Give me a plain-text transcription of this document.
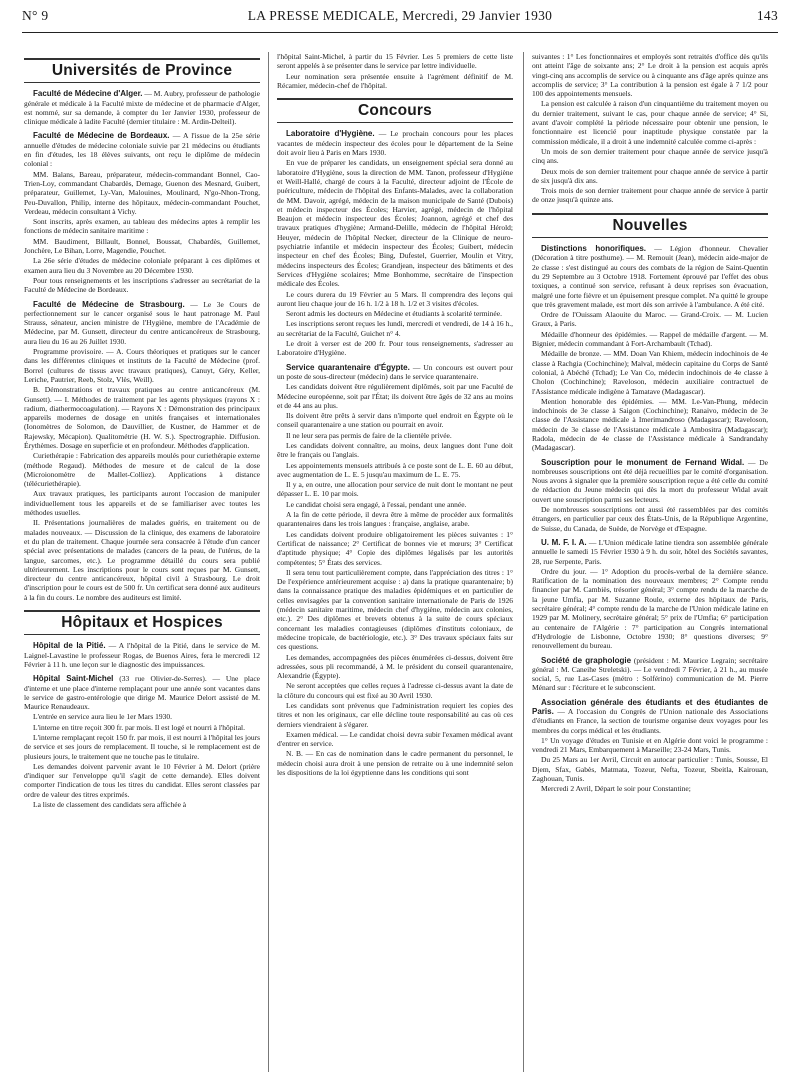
N° 9	LA PRESSE MEDICALE, Mercredi, 29 Janvier 1930	143
Universités de Province

Faculté de Médecine d'Alger. — M. Aubry, professeur de pathologie générale et médicale à la Faculté mixte de médecine et de pharmacie d'Alger, est nommé, sur sa demande, à compter du 1er Janvier 1930, professeur de clinique médicale à ladite Faculté (dernier titulaire : M. Ardin-Delteil).

Faculté de Médecine de Bordeaux. — A l'issue de la 25e série annuelle d'études de médecine coloniale suivie par 21 médecins ou étudiants en fin d'études, les 18 élèves suivants, ont reçu le diplôme de médecin colonial :

MM. Balans, Bareau, préparateur, médecin-commandant Bonnel, Cao-Trien-Loy, commandant Chabardès, Demage, Guenon des Mesnard, Guibert, préparateur, Guillemet, Ly-Van, Malouines, Moulinard, N'go-Nhon-Trong, Peu-Duvallon, Philip, interne des hôpitaux, médecin-commandant Pouchet, Verdeau, médecin consultant à Vichy.

Sont inscrits, après examen, au tableau des médecins aptes à remplir les fonctions de médecin sanitaire maritime :

MM. Baudiment, Billault, Bonnel, Boussat, Chabardès, Guillemet, Jonchère, Le Bihan, Lorre, Magendie, Pouchet.

La 26e série d'études de médecine coloniale préparant à ces diplômes et examen aura lieu du 3 Novembre au 20 Décembre 1930.

Pour tous renseignements et les inscriptions s'adresser au secrétariat de la Faculté de Médecine de Bordeaux.

Faculté de Médecine de Strasbourg. — Le 3e Cours de perfectionnement sur le cancer organisé sous le haut patronage M. Paul Strauss, sénateur, ancien ministre de l'Hygiène, membre de l'Académie de Médecine, par M. Gunsett, directeur du centre anticancéreux de Strasbourg, aura lieu du 16 au 26 Juillet 1930.

Programme provisoire. — A. Cours théoriques et pratiques sur le cancer dans les différentes cliniques et instituts de la Faculté de Médecine (prof. Borrel (cultures de tissus avec travaux pratiques), Canuyt, Géry, Keller, Leriche, Pautrier, Reeb, Stolz, Vlès, Weill).

B. Démonstrations et travaux pratiques au centre anticancéreux (M. Gunsett). — I. Méthodes de traitement par les agents physiques (rayons X : radium, diathermocoagulation). — Rayons X : Démonstration des principaux appareils modernes de dosage en unités françaises et internationales (Ionomètres de Solomon, de Dauvillier, de Kustner, de Hammer et de Rajewsky, Mécapion). Qualitométrie (H. W. S.). Spectrographie. Diffusion. Érythèmes. Dosage en superficie et en profondeur. Méthodes d'application.

Curiethérapie : Fabrication des appareils moulés pour curiethérapie externe (méthode Regaud). Méthodes de mesure et de calcul de la dose (Microionomètre de Mallet-Colliez). Applications à distance (télécuriethérapie).

Aux travaux pratiques, les participants auront l'occasion de manipuler individuellement tous les appareils et de se familiariser avec toutes les méthodes usuelles.

II. Présentations journalières de malades guéris, en traitement ou de malades nouveaux. — Discussion de la clinique, des examens de laboratoire et du plan de traitement. Chaque journée sera consacrée à l'étude d'un cancer spécial avec présentations de malades (cancers de la peau, de l'utérus, de la langue, sarcomes, etc.). Le programme détaillé du cours sera publié ultérieurement. Les inscriptions pour le cours sont reçues par M. Gunsett, directeur du centre anticancéreux, hôpital civil à Strasbourg. Le droit d'inscription pour le cours est de 500 fr. Un certificat sera donné aux auditeurs à la fin du cours. Le nombre des auditeurs est limité.

Hôpitaux et Hospices

Hôpital de la Pitié. — A l'hôpital de la Pitié, dans le service de M. Laignel-Lavastine le professeur Rogas, de Buenos Aires, fera le mercredi 12 Février à 11 h. une leçon sur le diagnostic des impuissances.

Hôpital Saint-Michel (33 rue Olivier-de-Serres). — Une place d'interne et une place d'interne remplaçant pour une année sont vacantes dans le service de gastro-entérologie que dirige M. Maurice Delort assisté de M. Maurice Renaudeaux.

L'entrée en service aura lieu le 1er Mars 1930.

L'interne en titre reçoit 300 fr. par mois. Il est logé et nourri à l'hôpital.

L'interne remplaçant reçoit 150 fr. par mois, il est nourri à l'hôpital les jours de service et ses jours de remplacement. Il touche, si le remplacement est de plusieurs jours, le traitement que ne touche pas le titulaire.

Les demandes doivent parvenir avant le 10 Février à M. Delort (prière d'indiquer sur l'enveloppe qu'il s'agit de cette demande). Elles doivent comporter l'indication de tous les titres du candidat. Elles seront classées par ordre de valeur des titres exprimés.

La liste de classement des candidats sera affichée à

l'hôpital Saint-Michel, à partir du 15 Février. Les 5 premiers de cette liste seront appelés à se présenter dans le service par lettre individuelle.

Leur nomination sera présentée ensuite à l'agrément définitif de M. Récamier, médecin-chef de l'hôpital.

Concours

Laboratoire d'Hygiène. — Le prochain concours pour les places vacantes de médecin inspecteur des écoles pour le département de la Seine doit avoir lieu à Paris en Mars 1930.

En vue de préparer les candidats, un enseignement spécial sera donné au laboratoire d'Hygiène, sous la direction de MM. Tanon, professeur d'Hygiène et Weill-Hallé, chargé de cours à la Faculté, directeur adjoint de l'École de puériculture, médecin de l'hôpital des Enfants-Malades, avec la collaboration de MM. Davoir, agrégé, médecin de la maison municipale de Santé (Dubois) et médecin inspecteur des Écoles; Harvier, agrégé, médecin de l'hôpital Beaujon et médecin inspecteur des Écoles; Joannon, agrégé et chef des travaux pratiques d'hygiène; Armand-Delille, médecin de l'hôpital Hérold; Heuyer, médecin de l'hôpital Necker, directeur de la Clinique de neuro-psychiatrie infantile et médecin inspecteur des Écoles; Guibert, médecin inspecteur en chef des Écoles; Bing, Dufestel, Guerrier, Moulin et Vitry, médecins inspecteurs des Écoles; Grandjean, inspecteur des bâtiments et des Services d'Hygiène scolaires; Mme Bonhomme, secrétaire de l'inspection médicale des Écoles.

Le cours durera du 19 Février au 5 Mars. Il comprendra des leçons qui auront lieu chaque jour de 16 h. 1/2 à 18 h. 1/2 et 3 visites d'écoles.

Seront admis les docteurs en Médecine et étudiants à scolarité terminée.

Les inscriptions seront reçues les lundi, mercredi et vendredi, de 14 à 16 h., au secrétariat de la Faculté, Guichet n° 4.

Le droit à verser est de 200 fr. Pour tous renseignements, s'adresser au Laboratoire d'Hygiène.

Service quarantenaire d'Égypte. — Un concours est ouvert pour un poste de sous-directeur (médecin) dans le service quarantenaire.

Les candidats doivent être régulièrement diplômés, soit par une Faculté de Médecine européenne, soit par l'État; ils doivent être âgés de 32 ans au moins et de 44 ans au plus.

Ils doivent être prêts à servir dans n'importe quel endroit en Égypte où le conseil quarantenaire a une station ou pourrait en avoir.

Il ne leur sera pas permis de faire de la clientèle privée.

Les candidats doivent connaître, au moins, deux langues dont l'une doit être le français ou l'anglais.

Les appointements mensuels attribués à ce poste sont de L. E. 60 au début, avec augmentation de L. E. 5 jusqu'au maximum de L. E. 75.

Il y a, en outre, une allocation pour service de nuit dont le montant ne peut dépasser L. E. 10 par mois.

Le candidat choisi sera engagé, à l'essai, pendant une année.

A la fin de cette période, il devra être à même de procéder aux formalités quarantenaires dans les trois langues : française, anglaise, arabe.

Les candidats doivent produire obligatoirement les pièces suivantes : 1° Certificat de naissance; 2° Certificat de bonnes vie et mœurs; 3° Certificat d'aptitude physique; 4° Copie des diplômes légalisés par les autorités compétentes; 5° États des services.

Il sera tenu tout particulièrement compte, dans l'appréciation des titres : 1° De l'expérience antérieurement acquise : a) dans la pratique quarantenaire; b) dans la connaissance pratique des maladies épidémiques et en particulier de celles envisagées par la convention sanitaire internationale de Paris de 1926 (médecin sanitaire maritime, médecin chef d'hygiène, médecin aux colonies, etc.). 2° Des diplômes et brevets obtenus à la suite de cours spéciaux concernant les maladies contagieuses (diplômes d'instituts coloniaux, de médecine tropicale, de bactériologie, etc.). 3° Des travaux spéciaux faits sur ces questions.

Les demandes, accompagnées des pièces énumérées ci-dessus, doivent être adressées, sous pli recommandé, à M. le président du conseil quarantenaire, Alexandrie (Égypte).

Ne seront acceptées que celles reçues à l'adresse ci-dessus avant la date de la clôture du concours qui est fixé au 30 Avril 1930.

Les candidats sont prévenus que l'administration requiert les copies des titres et non les originaux, car elle décline toute responsabilité au cas où ces derniers viendraient à s'égarer.

Examen médical. — Le candidat choisi devra subir l'examen médical avant d'entrer en service.

N. B. — En cas de nomination dans le cadre permanent du personnel, le médecin choisi aura droit à une pension de retraite ou à une indemnité selon les dispositions de la loi égyptienne dans les conditions qui sont

suivantes : 1° Les fonctionnaires et employés sont retraités d'office dès qu'ils ont atteint l'âge de soixante ans; 2° Le droit à la pension est acquis après vingt-cinq ans accomplis de service ou à cinquante ans d'âge après quinze ans accomplis de service; 3° La contribution à la pension est égale à 7 1/2 pour 100 des appointements mensuels.

La pension est calculée à raison d'un cinquantième du traitement moyen ou du dernier traitement, suivant le cas, pour chaque année de service; 4° Si, avant d'avoir complété la période nécessaire pour obtenir une pension, le fonctionnaire est licencié pour inaptitude physique constatée par la commission médicale, il a droit à une indemnité calculée comme ci-après :

Un mois de son dernier traitement pour chaque année de service jusqu'à cinq ans.

Deux mois de son dernier traitement pour chaque année de service à partir de six jusqu'à dix ans.

Trois mois de son dernier traitement pour chaque année de service à partir de onze jusqu'à quinze ans.

Nouvelles

Distinctions honorifiques. — Légion d'honneur. Chevalier (Décoration à titre posthume). — M. Remouit (Jean), médecin aide-major de 2e classe : s'est distingué au cours des combats de la région de Saint-Quentin du 29 Septembre au 3 Octobre 1918. Fortement éprouvé par l'effet des obus toxiques, a continué son service, refusant à deux reprises son évacuation, malgré une forte fièvre et un épuisement presque complet. N'a quitté le groupe que très gravement malade, est mort dès son arrivée à l'ambulance. A été cité.

Ordre de l'Ouissam Alaouite du Maroc. — Grand-Croix. — M. Lucien Graux, à Paris.

Médaille d'honneur des épidémies. — Rappel de médaille d'argent. — M. Bignier, médecin commandant à Fort-Archambault (Tchad).

Médaille de bronze. — MM. Doan Van Khiem, médecin indochinois de 4e classe à Rachgia (Cochinchine); Malval, médecin capitaine du Corps de Santé colonial, à Abéché (Tchad); Le Van Co, médecin indochinois de 4e classe à Cholon (Cochinchine); Raveloson, médecin auxiliaire contractuel de l'Assistance médicale indigène à Tamatave (Madagascar).

Mention honorable des épidémies. — MM. Le-Van-Phung, médecin indochinois de 3e classe à Saigon (Cochinchine); Ranaivo, médecin de 3e classe de l'Assistance médicale à Imerimandroso (Madagascar); Raveloson, médecin de 3e classe de l'Assistance médicale à Ambositra (Madagascar); Radola, médecin de 4e classe de l'Assistance médicale à Sandrandahy (Madagascar).

Souscription pour le monument de Fernand Widal. — De nombreuses souscriptions ont été déjà recueillies par le comité d'organisation. Nous avons à signaler que la première souscription reçue a été celle du comité de rédaction du Jeune médecin qui dès la mort du professeur Widal avait ouvert une souscription parmi ses lecteurs.

De nombreuses souscriptions ont aussi été rassemblées par des comités étrangers, en particulier par ceux des États-Unis, de la République Argentine, de Suisse, du Canada, de Suède, de Norvège et d'Espagne.

U. M. F. I. A. — L'Union médicale latine tiendra son assemblée générale annuelle le samedi 15 Février 1930 à 9 h. du soir, hôtel des Sociétés savantes, 28, rue Serpente, Paris.

Ordre du jour. — 1° Adoption du procès-verbal de la dernière séance. Ratification de la nomination des nouveaux membres; 2° Compte rendu financier par M. Cambiès, trésorier général; 3° compte rendu de la marche de la jeune Umfia, par M. Suzanne Roule, externe des hôpitaux de Paris, secrétaire général; 4° compte rendu de la marche de l'Union médicale latine en 1929 par M. Molinery, secrétaire général; 5° prix de l'Umfia; 6° participation au centenaire de l'Algérie : 7° participation au Congrès international d'Hydrologie de Lisbonne, Octobre 1930; 8° questions diverses; 9° renouvellement du bureau.

Société de graphologie (président : M. Maurice Legrain; secrétaire général : M. Caneihe Streletski). — Le vendredi 7 Février, à 21 h., au musée social, 5, rue Las-Cases (métro : Solférino) communication de M. Pierre Ménard sur : l'écriture et le subconscient.

Association générale des étudiants et des étudiantes de Paris. — A l'occasion du Congrès de l'Union nationale des Associations d'étudiants en France, la section de tourisme organise deux voyages pour les membres du corps médical et les étudiants.

1° Un voyage d'études en Tunisie et en Algérie dont voici le programme : vendredi 21 Mars, Embarquement à Marseille; 23-24 Mars, Tunis.

Du 25 Mars au 1er Avril, Circuit en autocar particulier : Tunis, Sousse, El Djem, Sfax, Gabès, Matmata, Tozeur, Nefta, Tozeur, Sbeitla, Kairouan, Zaghouan, Tunis.

Mercredi 2 Avril, Départ le soir pour Constantine;
